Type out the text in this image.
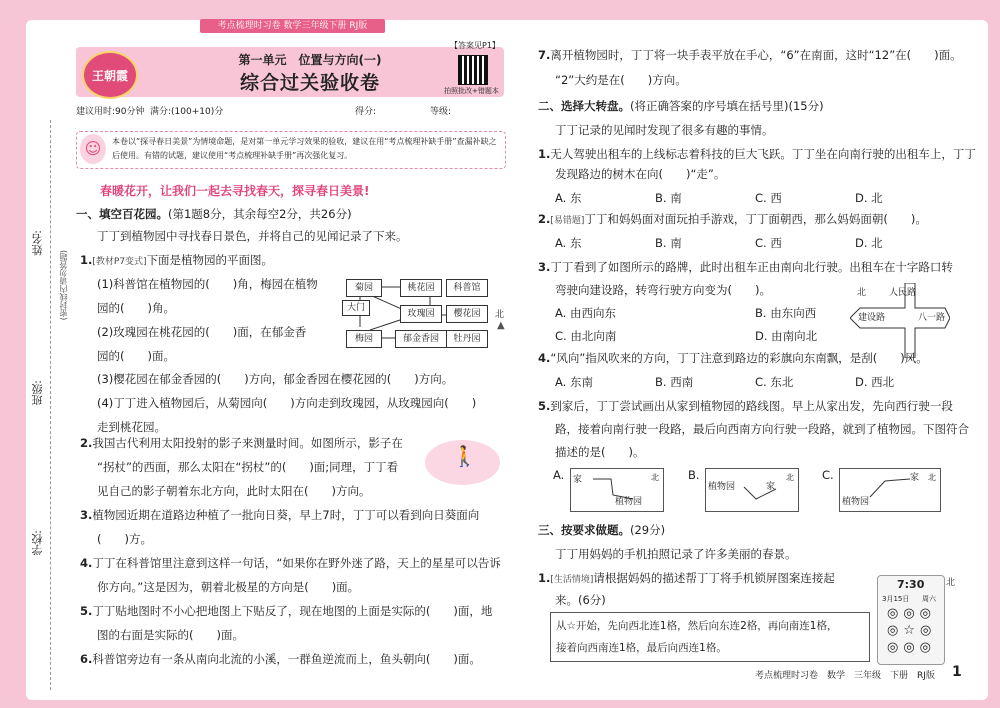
考点梳理时习卷 数学三年级下册 RJ版
姓名:
班级:
学校:
(密封线内请勿答题)
王朝霞
第一单元　位置与方向(一)
综合过关验收卷
【答案见P1】
拍照批改+错题本
建议用时:90分钟 满分:(100+10)分	得分:	等级:
☺	本卷以“探寻春日美景”为情境命题，是对第一单元学习效果的验收，建议在用“考点梳理补缺手册”查漏补缺之后使用。有错的试题，建议使用“考点梳理补缺手册”再次强化复习。
春暖花开，让我们一起去寻找春天，探寻春日美景!
一、填空百花园。(第1题8分，其余每空2分，共26分)
丁丁到植物园中寻找春日景色，并将自己的见闻记录了下来。
1.[教材P7变式]下面是植物园的平面图。
(1)科普馆在植物园的(　　)角，梅园在植物
园的(　　)角。
(2)玫瑰园在桃花园的(　　)面，在郁金香
园的(　　)面。
(3)樱花园在郁金香园的(　　)方向，郁金香园在樱花园的(　　)方向。
(4)丁丁进入植物园后，从菊园向(　　)方向走到玫瑰园，从玫瑰园向(　　)
走到桃花园。
菊园	桃花园	科普馆
大门
玫瑰园	樱花园
梅园	郁金香园	牡丹园
北
▲
2.我国古代利用太阳投射的影子来测量时间。如图所示，影子在
“拐杖”的西面，那么太阳在“拐杖”的(　　)面;同理，丁丁看
见自己的影子朝着东北方向，此时太阳在(　　)方向。
🚶
3.植物园近期在道路边种植了一批向日葵，早上7时，丁丁可以看到向日葵面向
(　　)方。
4.丁丁在科普馆里注意到这样一句话，“如果你在野外迷了路，天上的星星可以告诉
你方向。”这是因为，朝着北极星的方向是(　　)面。
5.丁丁贴地图时不小心把地图上下贴反了，现在地图的上面是实际的(　　)面，地
图的右面是实际的(　　)面。
6.科普馆旁边有一条从南向北流的小溪，一群鱼逆流而上，鱼头朝向(　　)面。
7.离开植物园时，丁丁将一块手表平放在手心，“6”在南面，这时“12”在(　　)面。
“2”大约是在(　　)方向。
二、选择大转盘。(将正确答案的序号填在括号里)(15分)
丁丁记录的见闻时发现了很多有趣的事情。
1.无人驾驶出租车的上线标志着科技的巨大飞跃。丁丁坐在向南行驶的出租车上，丁丁
发现路边的树木在向(　　)“走”。
A. 东	B. 南	C. 西	D. 北
2.[易错题]丁丁和妈妈面对面玩拍手游戏，丁丁面朝西，那么妈妈面朝(　　)。
A. 东	B. 南	C. 西	D. 北
3.丁丁看到了如图所示的路牌，此时出租车正由南向北行驶。出租车在十字路口转
弯驶向建设路，转弯行驶方向变为(　　)。
A. 由西向东	B. 由东向西
C. 由北向南	D. 由南向北
北	人民路
建设路	八一路
4.“风向”指风吹来的方向，丁丁注意到路边的彩旗向东南飘，是刮(　　)风。
A. 东南	B. 西南	C. 东北	D. 西北
5.到家后，丁丁尝试画出从家到植物园的路线图。早上从家出发，先向西行驶一段
路，接着向南行驶一段路，最后向西南方向行驶一段路，就到了植物园。下图符合
描述的是(　　)。
A. 家
植物园
北	B.
植物园	家
北 C.	家
植物园
北
三、按要求做题。(29分)
丁丁用妈妈的手机拍照记录了许多美丽的春景。
1.[生活情境]请根据妈妈的描述帮丁丁将手机锁屏图案连接起
来。(6分)
从☆开始，先向西北连1格，然后向东连2格，再向南连1格，
接着向西南连1格，最后向西连1格。
7:30
3月15日 周六
北
◎◎◎
◎☆◎
◎◎◎
考点梳理时习卷　数学　三年级　下册　RJ版 1
